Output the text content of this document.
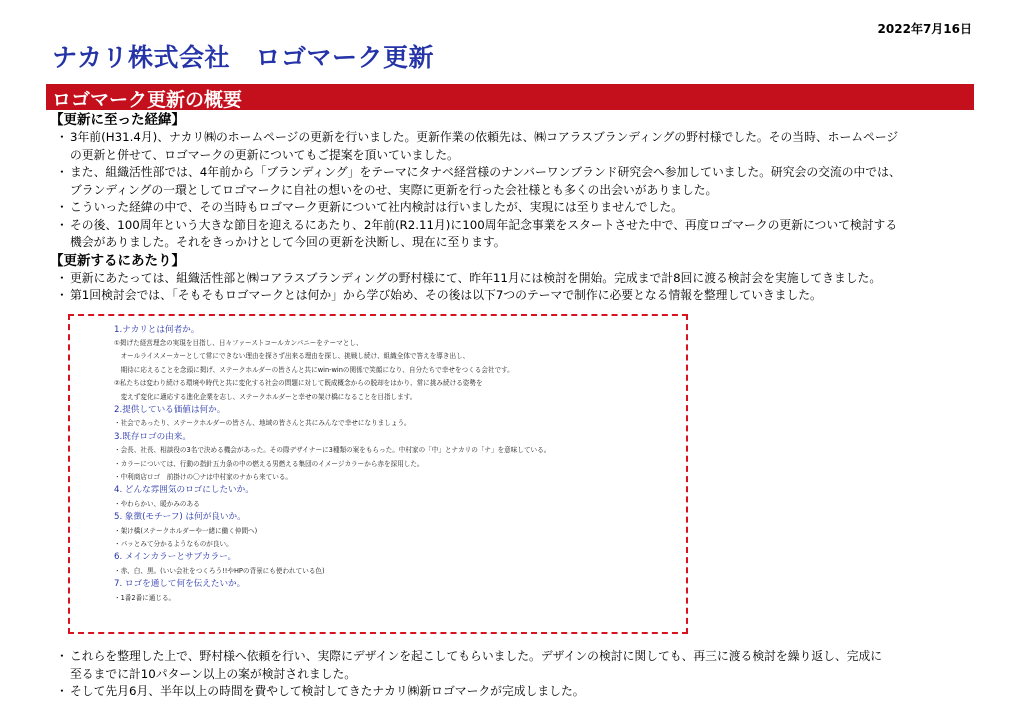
2022年7月16日
ナカリ株式会社　ロゴマーク更新
ロゴマーク更新の概要
【更新に至った経緯】
・ 3年前(H31.4月)、ナカリ㈱のホームページの更新を行いました。更新作業の依頼先は、㈱コアラスブランディングの野村様でした。その当時、ホームページ
の更新と併せて、ロゴマークの更新についてもご提案を頂いていました。
・ また、組織活性部では、4年前から「ブランディング」をテーマにタナベ経営様のナンバーワンブランド研究会へ参加していました。研究会の交流の中では、
ブランディングの一環としてロゴマークに自社の想いをのせ、実際に更新を行った会社様とも多くの出会いがありました。
・ こういった経緯の中で、その当時もロゴマーク更新について社内検討は行いましたが、実現には至りませんでした。
・ その後、100周年という大きな節目を迎えるにあたり、2年前(R2.11月)に100周年記念事業をスタートさせた中で、再度ロゴマークの更新について検討する
機会がありました。それをきっかけとして今回の更新を決断し、現在に至ります。
【更新するにあたり】
・ 更新にあたっては、組織活性部と㈱コアラスブランディングの野村様にて、昨年11月には検討を開始。完成まで計8回に渡る検討会を実施してきました。
・ 第1回検討会では、「そもそもロゴマークとは何か」から学び始め、その後は以下7つのテーマで制作に必要となる情報を整理していきました。
1.ナカリとは何者か。
①掲げた経営理念の実現を目指し、日々ファーストコールカンパニーをテーマとし、
　オールライスメーカーとして常にできない理由を探さず出来る理由を探し、挑戦し続け、組織全体で答えを導き出し、
　期待に応えることを念頭に掲げ、ステークホルダーの皆さんと共にwin-winの関係で笑顔になり、自分たちで幸せをつくる会社です。
②私たちは変わり続ける環境や時代と共に変化する社会の問題に対して既成概念からの脱却をはかり、常に挑み続ける姿勢を
　変えず変化に適応する進化企業を志し、ステークホルダーと幸せの架け橋になることを目指します。
2.提供している価値は何か。
・社会であったり、ステークホルダーの皆さん、地域の皆さんと共にみんなで幸せになりましょう。
3.既存ロゴの由来。
・会長、社長、相談役の3名で決める機会があった。その際デザイナーに3種類の案をもらった。中村家の「中」とナカリの「ナ」を意味している。
・カラーについては、行動の指針五力条の中の燃える男燃える集団のイメージカラーから赤を採用した。
・中利商店ロゴ　前掛けの〇ナは中村家のナから来ている。
4. どんな雰囲気のロゴにしたいか。
・やわらかい、暖かみのある
5. 象徴(モチーフ) は何が良いか。
・架け橋(ステークホルダーや一緒に働く仲間へ)
・パッとみて分かるようなものが良い。
6. メインカラーとサブカラー。
・赤、白、黒。(いい会社をつくろう!!やHPの背景にも使われている色)
7. ロゴを通して何を伝えたいか。
・1番2番に通じる。
・ これらを整理した上で、野村様へ依頼を行い、実際にデザインを起こしてもらいました。デザインの検討に関しても、再三に渡る検討を繰り返し、完成に
至るまでに計10パターン以上の案が検討されました。
・ そして先月6月、半年以上の時間を費やして検討してきたナカリ㈱新ロゴマークが完成しました。
